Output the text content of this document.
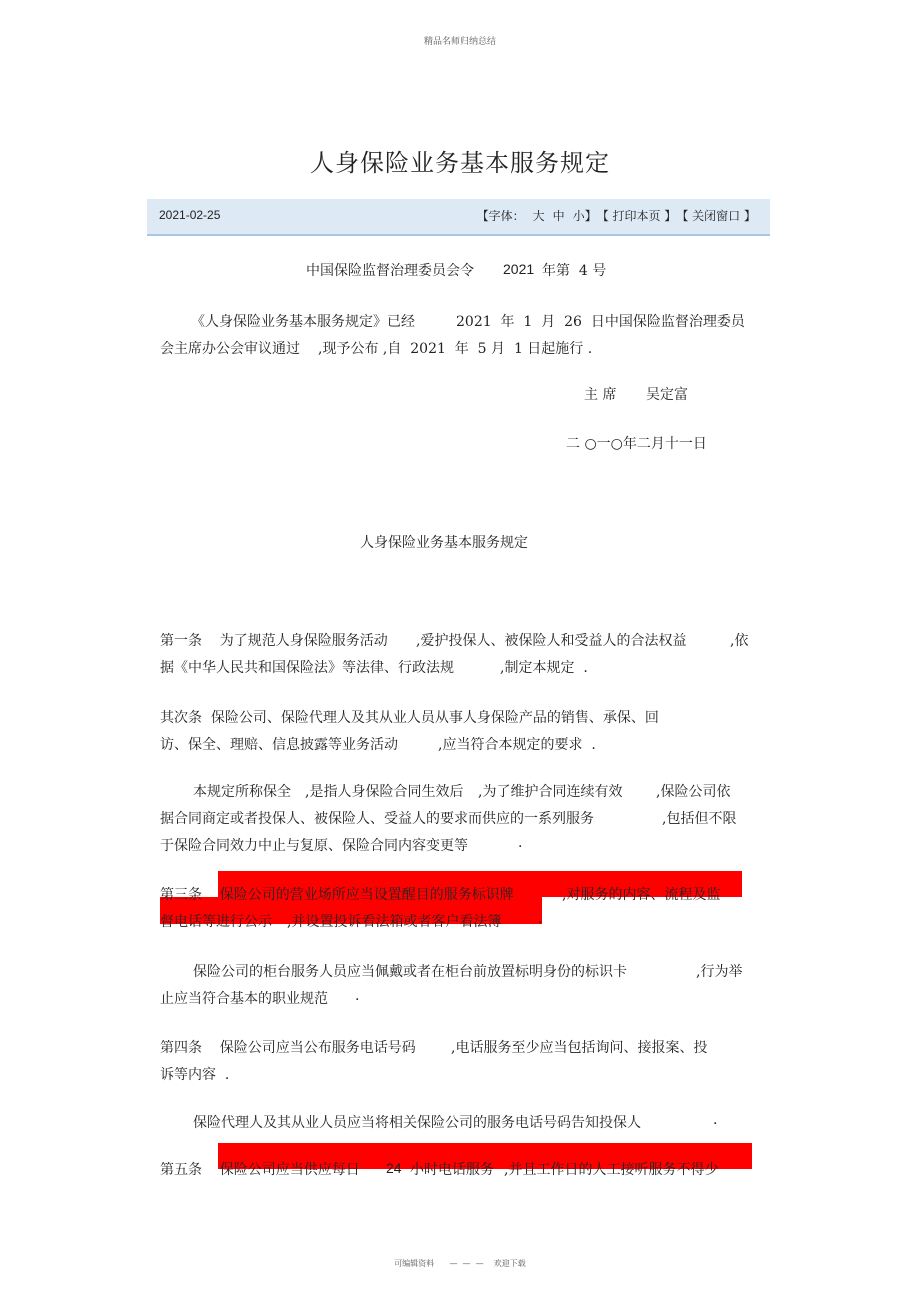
精品名师归纳总结
人身保险业务基本服务规定
2021-02-25	【字体： 大 中 小 】 【 打印本页 】 【 关闭窗口 】
中国保险监督治理委员会令 2021 年第  4 号
《人身保险业务基本服务规定》已经	2021  年  1  月  26  日中国保险监督治理委员
会主席办公会审议通过 ,现予公布 ,自  2021  年  5 月  1 日起施行 .
主 席 吴定富
二 ○一○年二月十一日
人身保险业务基本服务规定
第一条    为了规范人身保险服务活动 ,爱护投保人、被保险人和受益人的合法权益	,依
据《中华人民共和国保险法》等法律、行政法规	,制定本规定  .
其次条  保险公司、保险代理人及其从业人员从事人身保险产品的销售、承保、回
访、保全、理赔、信息披露等业务活动	,应当符合本规定的要求  .
本规定所称保全 ,是指人身保险合同生效后 ,为了维护合同连续有效 ,保险公司依
据合同商定或者投保人、被保险人、受益人的要求而供应的一系列服务	,包括但不限
于保险合同效力中止与复原、保险合同内容变更等	.
第三条    保险公司的营业场所应当设置醒目的服务标识牌	,对服务的内容、流程及监
督电话等进行公示 ,并设置投诉看法箱或者客户看法簿	.
保险公司的柜台服务人员应当佩戴或者在柜台前放置标明身份的标识卡	,行为举
止应当符合基本的职业规范 .
第四条    保险公司应当公布服务电话号码	,电话服务至少应当包括询问、接报案、投
诉等内容  .
保险代理人及其从业人员应当将相关保险公司的服务电话号码告知投保人	.
第五条    保险公司应当供应每日 24 小时电话服务 ,并且工作日的人工接听服务不得少
可编辑资料      —  —  —    欢迎下载
